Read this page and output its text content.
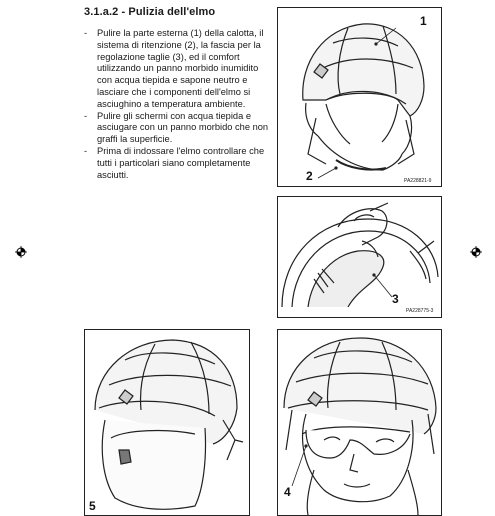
3.1.a.2 - Pulizia dell'elmo
- Pulire la parte esterna (1) della calotta, il sistema di ritenzione (2), la fascia per la regolazione taglie (3), ed il comfort utilizzando un panno morbido inumidito con acqua tiepida e sapone neutro e lasciare che i componenti dell'elmo si asciughino a temperatura ambiente.
- Pulire gli schermi con acqua tiepida e asciugare con un panno morbido che non graffi la superficie.
- Prima di indossare l'elmo controllare che tutti i particolari siano completamente asciutti.
1
2	PA228821-9
3
PA228775-3
5
4
